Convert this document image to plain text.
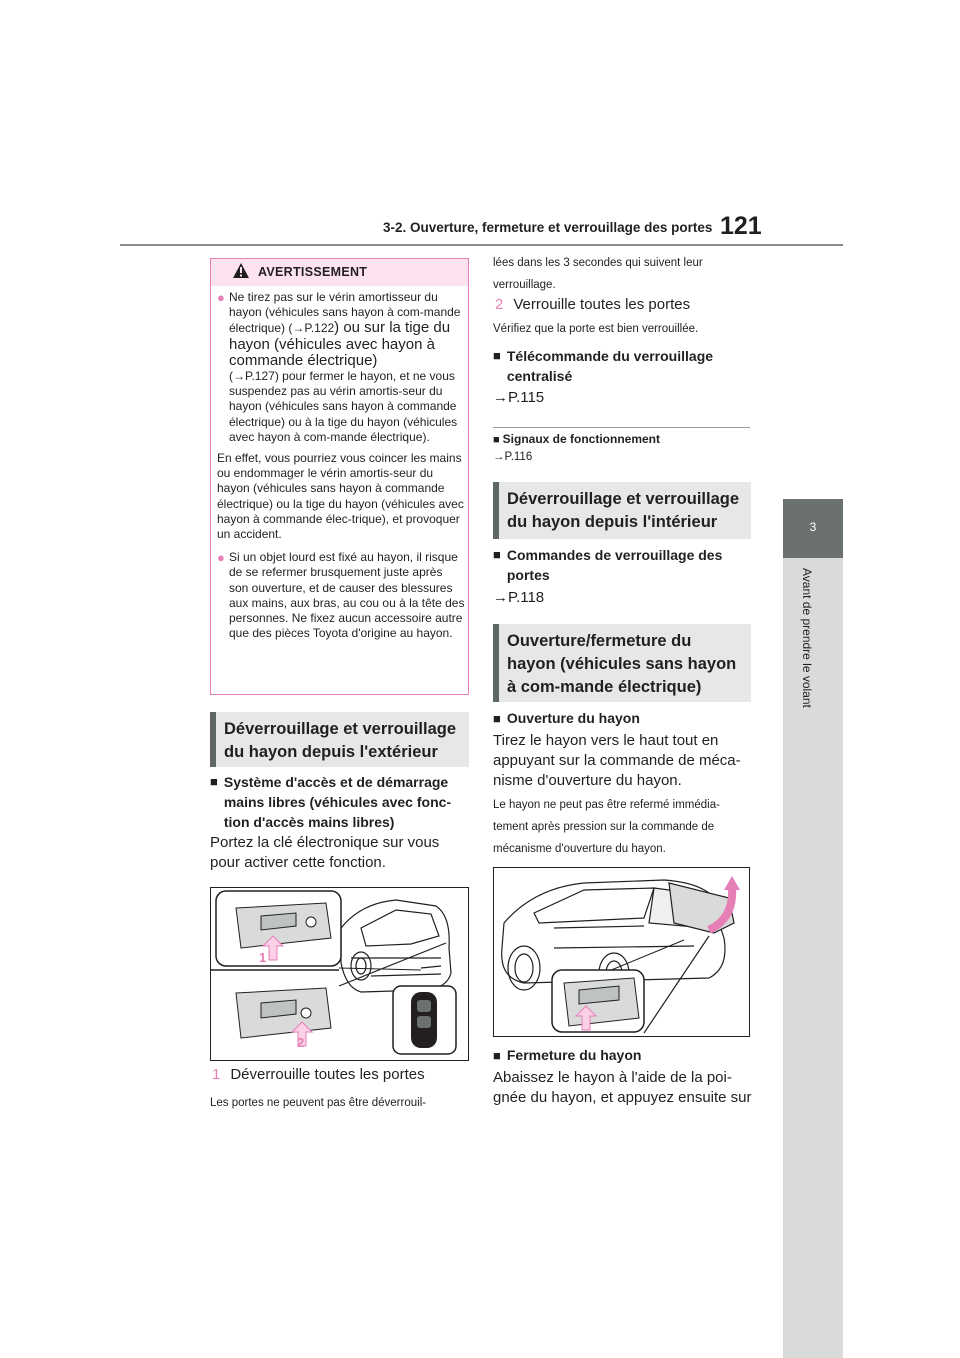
3-2. Ouverture, fermeture et verrouillage des portes 121
3
Avant de prendre le volant
AVERTISSEMENT
● Ne tirez pas sur le vérin amortisseur du hayon (véhicules sans hayon à com-mande électrique) (→P.122) ou sur la tige du hayon (véhicules avec hayon à commande électrique)
(→P.127) pour fermer le hayon, et ne vous suspendez pas au vérin amortis-seur du hayon (véhicules sans hayon à commande électrique) ou à la tige du hayon (véhicules avec hayon à com-mande électrique).

En effet, vous pourriez vous coincer les mains ou endommager le vérin amortis-seur du hayon (véhicules sans hayon à commande électrique) ou la tige du hayon (véhicules avec hayon à commande élec-trique), et provoquer un accident.

● Si un objet lourd est fixé au hayon, il risque de se refermer brusquement juste après son ouverture, et de causer des blessures aux mains, aux bras, au cou ou à la tête des personnes. Ne fixez aucun accessoire autre que des pièces Toyota d'origine au hayon.
Déverrouillage et verrouillage du hayon depuis l'extérieur
■ Système d'accès et de démarrage mains libres (véhicules avec fonc-tion d'accès mains libres)
Portez la clé électronique sur vous pour activer cette fonction.
1
2
1 Déverrouille toutes les portes
Les portes ne peuvent pas être déverrouil-
lées dans les 3 secondes qui suivent leur verrouillage.
2 Verrouille toutes les portes
Vérifiez que la porte est bien verrouillée.
■ Télécommande du verrouillage centralisé
→P.115
■ Signaux de fonctionnement
→P.116
Déverrouillage et verrouillage du hayon depuis l'intérieur
■ Commandes de verrouillage des portes
→P.118
Ouverture/fermeture du hayon (véhicules sans hayon à com-mande électrique)
■ Ouverture du hayon
Tirez le hayon vers le haut tout en appuyant sur la commande de méca-nisme d'ouverture du hayon.
Le hayon ne peut pas être refermé immédia-tement après pression sur la commande de mécanisme d'ouverture du hayon.
■ Fermeture du hayon
Abaissez le hayon à l'aide de la poi-gnée du hayon, et appuyez ensuite sur
